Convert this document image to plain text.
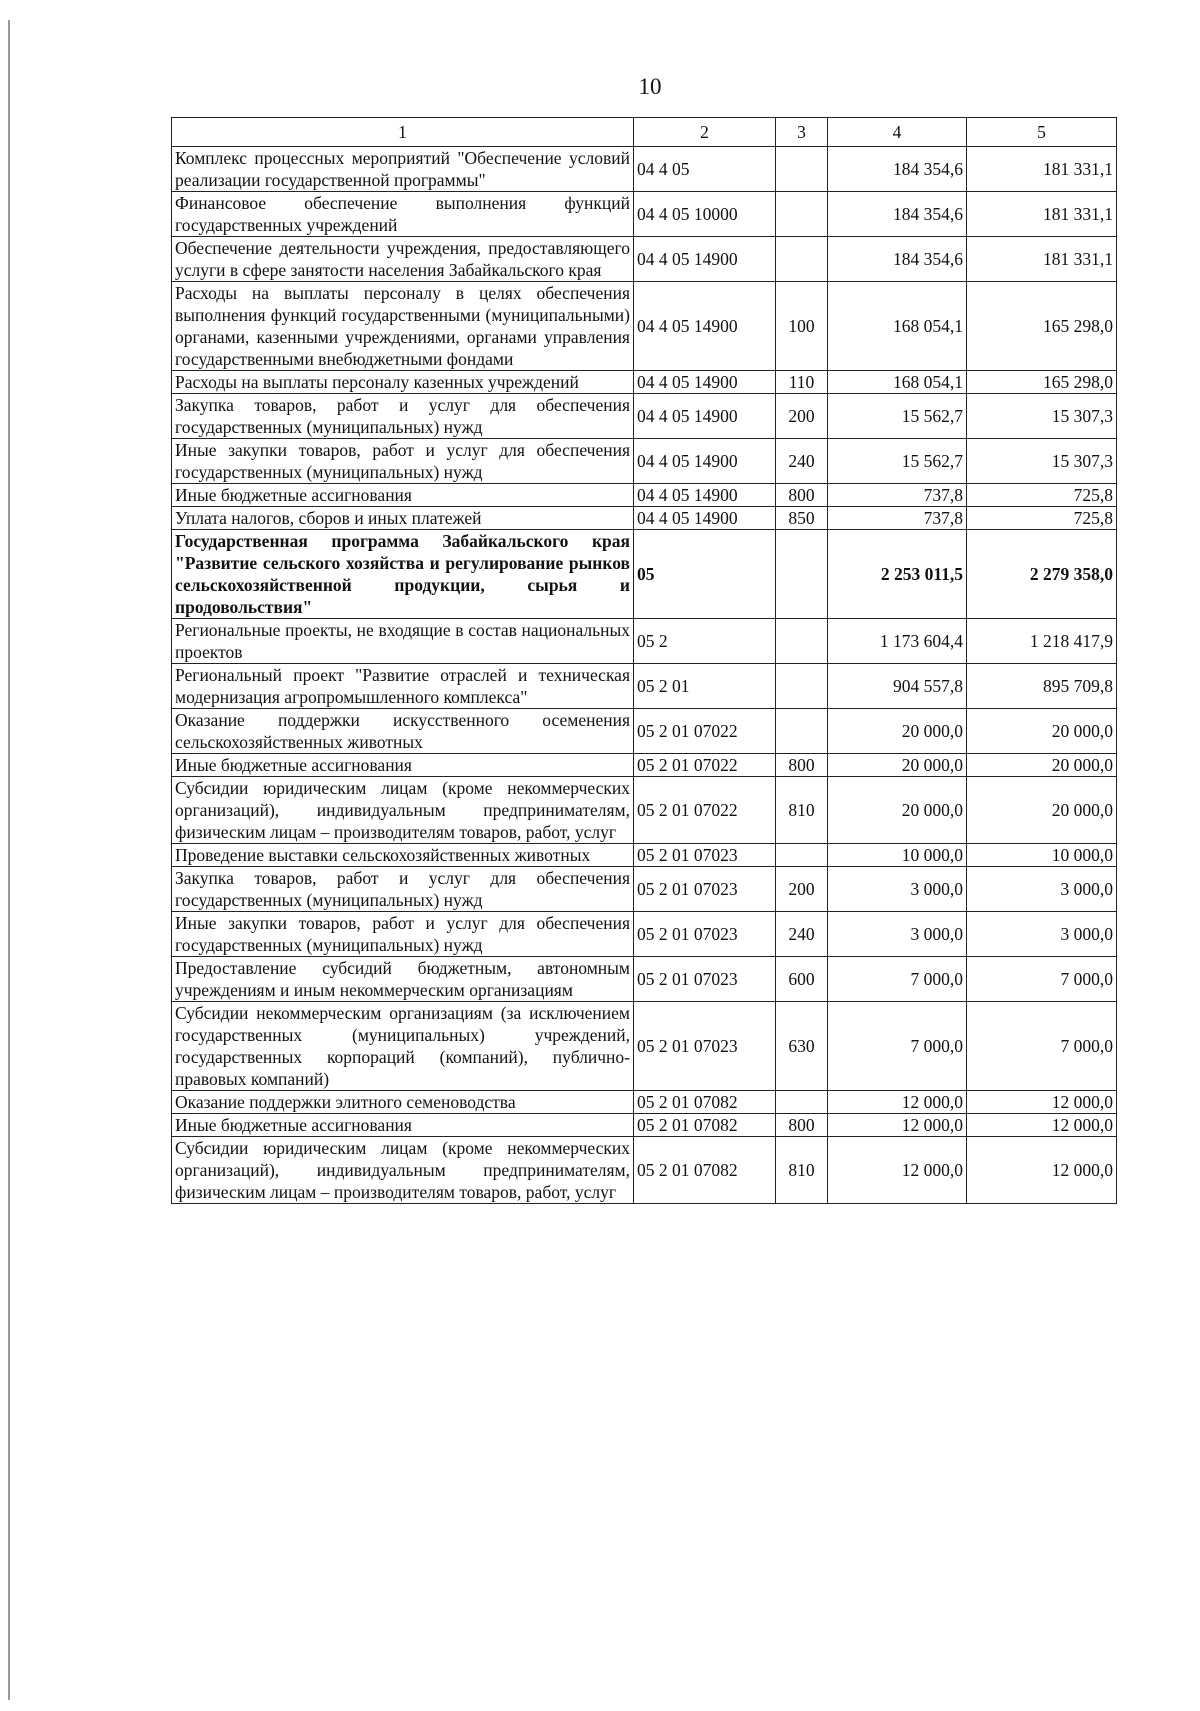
10
1	2	3	4	5
Комплекс процессных мероприятий "Обеспечение условий реализации государственной программы"	04 4 05		184 354,6	181 331,1
Финансовое обеспечение выполнения функций государственных учреждений	04 4 05 10000		184 354,6	181 331,1
Обеспечение деятельности учреждения, предоставляющего услуги в сфере занятости населения Забайкальского края	04 4 05 14900		184 354,6	181 331,1
Расходы на выплаты персоналу в целях обеспечения выполнения функций государственными (муниципальными) органами, казенными учреждениями, органами управления государственными внебюджетными фондами	04 4 05 14900	100	168 054,1	165 298,0
Расходы на выплаты персоналу казенных учреждений	04 4 05 14900	110	168 054,1	165 298,0
Закупка товаров, работ и услуг для обеспечения государственных (муниципальных) нужд	04 4 05 14900	200	15 562,7	15 307,3
Иные закупки товаров, работ и услуг для обеспечения государственных (муниципальных) нужд	04 4 05 14900	240	15 562,7	15 307,3
Иные бюджетные ассигнования	04 4 05 14900	800	737,8	725,8
Уплата налогов, сборов и иных платежей	04 4 05 14900	850	737,8	725,8
Государственная программа Забайкальского края "Развитие сельского хозяйства и регулирование рынков сельскохозяйственной продукции, сырья и продовольствия"	05		2 253 011,5	2 279 358,0
Региональные проекты, не входящие в состав национальных проектов	05 2		1 173 604,4	1 218 417,9
Региональный проект "Развитие отраслей и техническая модернизация агропромышленного комплекса"	05 2 01		904 557,8	895 709,8
Оказание поддержки искусственного осеменения сельскохозяйственных животных	05 2 01 07022		20 000,0	20 000,0
Иные бюджетные ассигнования	05 2 01 07022	800	20 000,0	20 000,0
Субсидии юридическим лицам (кроме некоммерческих организаций), индивидуальным предпринимателям, физическим лицам – производителям товаров, работ, услуг	05 2 01 07022	810	20 000,0	20 000,0
Проведение выставки сельскохозяйственных животных	05 2 01 07023		10 000,0	10 000,0
Закупка товаров, работ и услуг для обеспечения государственных (муниципальных) нужд	05 2 01 07023	200	3 000,0	3 000,0
Иные закупки товаров, работ и услуг для обеспечения государственных (муниципальных) нужд	05 2 01 07023	240	3 000,0	3 000,0
Предоставление субсидий бюджетным, автономным учреждениям и иным некоммерческим организациям	05 2 01 07023	600	7 000,0	7 000,0
Субсидии некоммерческим организациям (за исключением государственных (муниципальных) учреждений, государственных корпораций (компаний), публично-правовых компаний)	05 2 01 07023	630	7 000,0	7 000,0
Оказание поддержки элитного семеноводства	05 2 01 07082		12 000,0	12 000,0
Иные бюджетные ассигнования	05 2 01 07082	800	12 000,0	12 000,0
Субсидии юридическим лицам (кроме некоммерческих организаций), индивидуальным предпринимателям, физическим лицам – производителям товаров, работ, услуг	05 2 01 07082	810	12 000,0	12 000,0
